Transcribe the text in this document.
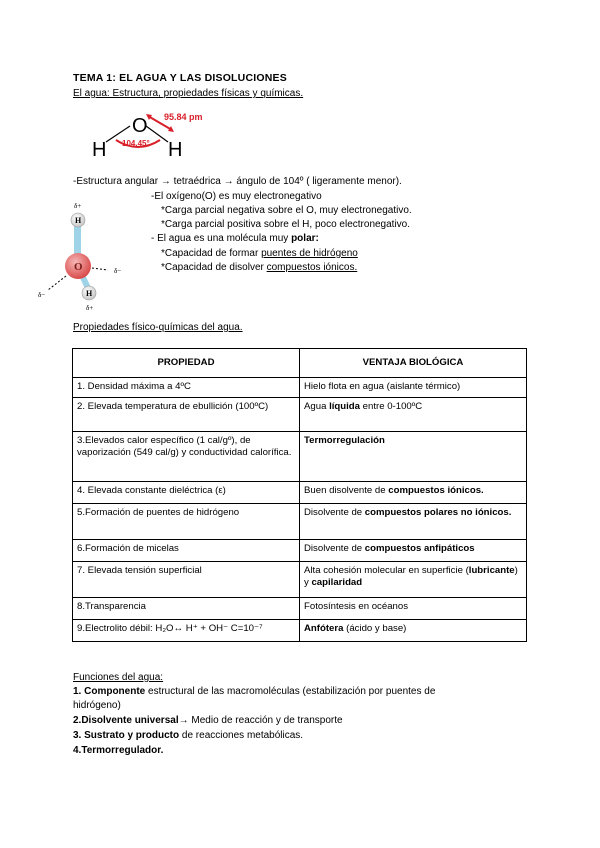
TEMA 1: EL AGUA Y LAS DISOLUCIONES
El agua: Estructura, propiedades físicas y químicas.
O
H	H
95.84 pm
104.45°
-Estructura angular → tetraédrica → ángulo de 104º ( ligeramente menor).
-El oxígeno(O) es muy electronegativo
*Carga parcial negativa sobre el O, muy electronegativo.
*Carga parcial positiva sobre el H, poco electronegativo.
- El agua es una molécula muy polar:
*Capacidad de formar puentes de hidrógeno
*Capacidad de disolver compuestos iónicos.
O
H
H
δ+
δ+
δ−
δ−
Propiedades físico-químicas del agua.
PROPIEDAD	VENTAJA BIOLÓGICA
1. Densidad máxima a 4ºC	Hielo flota en agua (aislante térmico)
2. Elevada temperatura de ebullición (100ºC)	Agua líquida entre 0-100ºC
3.Elevados calor específico (1 cal/gº), de vaporización (549 cal/g) y conductividad calorífica.	Termorregulación
4. Elevada constante dieléctrica (ε)	Buen disolvente de compuestos iónicos.
5.Formación de puentes de hidrógeno	Disolvente de compuestos polares no iónicos.
6.Formación de micelas	Disolvente de compuestos anfipáticos
7. Elevada tensión superficial	Alta cohesión molecular en superficie (lubricante) y capilaridad
8.Transparencia	Fotosíntesis en océanos
9.Electrolito débil: H₂O↔ H⁺ + OH⁻ C=10⁻⁷	Anfótera (ácido y base)
Funciones del agua:
1. Componente estructural de las macromoléculas (estabilización por puentes de
hidrógeno)
2.Disolvente universal→ Medio de reacción y de transporte
3. Sustrato y producto de reacciones metabólicas.
4.Termorregulador.
